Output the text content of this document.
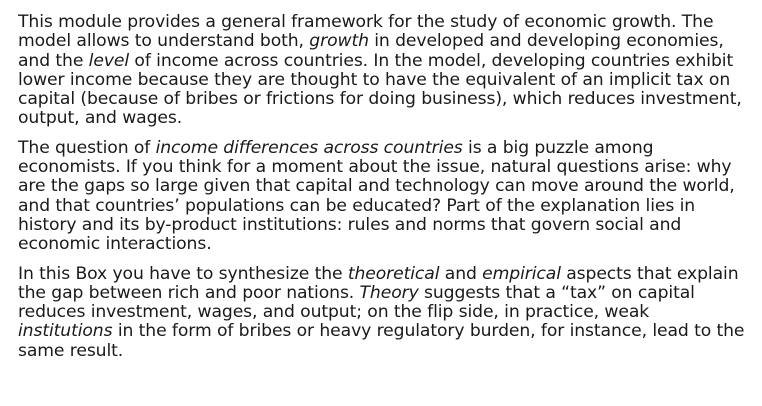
This module provides a general framework for the study of economic growth. The model allows to understand both, growth in developed and developing economies, and the level of income across countries. In the model, developing countries exhibit lower income because they are thought to have the equivalent of an implicit tax on capital (because of bribes or frictions for doing business), which reduces investment, output, and wages.

The question of income differences across countries is a big puzzle among economists. If you think for a moment about the issue, natural questions arise: why are the gaps so large given that capital and technology can move around the world, and that countries’ populations can be educated? Part of the explanation lies in history and its by-product institutions: rules and norms that govern social and economic interactions.

In this Box you have to synthesize the theoretical and empirical aspects that explain the gap between rich and poor nations. Theory suggests that a “tax” on capital reduces investment, wages, and output; on the flip side, in practice, weak institutions in the form of bribes or heavy regulatory burden, for instance, lead to the same result.
